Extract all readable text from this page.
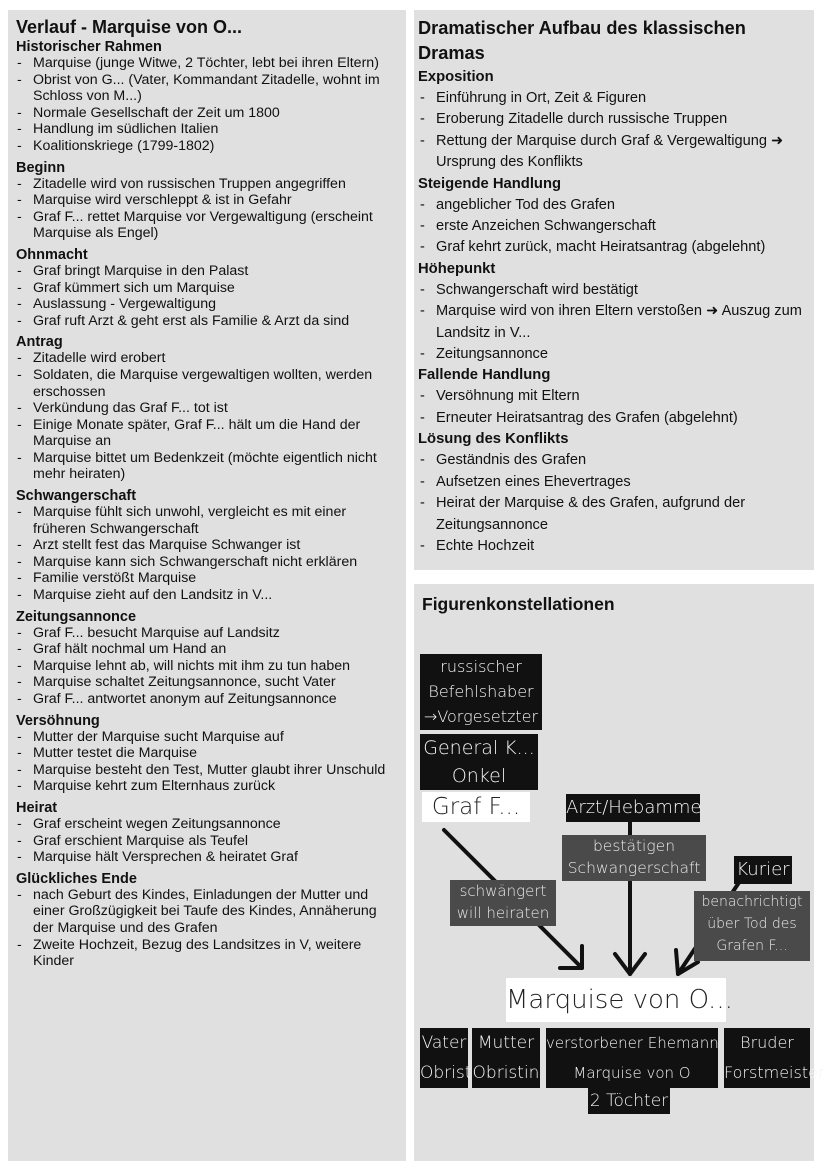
Verlauf - Marquise von O...
Historischer Rahmen
- Marquise (junge Witwe, 2 Töchter, lebt bei ihren Eltern)
- Obrist von G... (Vater, Kommandant Zitadelle, wohnt im Schloss von M...)
- Normale Gesellschaft der Zeit um 1800
- Handlung im südlichen Italien
- Koalitionskriege (1799-1802)
Beginn
- Zitadelle wird von russischen Truppen angegriffen
- Marquise wird verschleppt & ist in Gefahr
- Graf F... rettet Marquise vor Vergewaltigung (erscheint Marquise als Engel)
Ohnmacht
- Graf bringt Marquise in den Palast
- Graf kümmert sich um Marquise
- Auslassung - Vergewaltigung
- Graf ruft Arzt & geht erst als Familie & Arzt da sind
Antrag
- Zitadelle wird erobert
- Soldaten, die Marquise vergewaltigen wollten, werden erschossen
- Verkündung das Graf F... tot ist
- Einige Monate später, Graf F... hält um die Hand der Marquise an
- Marquise bittet um Bedenkzeit (möchte eigentlich nicht mehr heiraten)
Schwangerschaft
- Marquise fühlt sich unwohl, vergleicht es mit einer früheren Schwangerschaft
- Arzt stellt fest das Marquise Schwanger ist
- Marquise kann sich Schwangerschaft nicht erklären
- Familie verstößt Marquise
- Marquise zieht auf den Landsitz in V...
Zeitungsannonce
- Graf F... besucht Marquise auf Landsitz
- Graf hält nochmal um Hand an
- Marquise lehnt ab, will nichts mit ihm zu tun haben
- Marquise schaltet Zeitungsannonce, sucht Vater
- Graf F... antwortet anonym auf Zeitungsannonce
Versöhnung
- Mutter der Marquise sucht Marquise auf
- Mutter testet die Marquise
- Marquise besteht den Test, Mutter glaubt ihrer Unschuld
- Marquise kehrt zum Elternhaus zurück
Heirat
- Graf erscheint wegen Zeitungsannonce
- Graf erschient Marquise als Teufel
- Marquise hält Versprechen & heiratet Graf
Glückliches Ende
- nach Geburt des Kindes, Einladungen der Mutter und einer Großzügigkeit bei Taufe des Kindes, Annäherung der Marquise und des Grafen
- Zweite Hochzeit, Bezug des Landsitzes in V, weitere Kinder
Dramatischer Aufbau des klassischen Dramas
Exposition
- Einführung in Ort, Zeit & Figuren
- Eroberung Zitadelle durch russische Truppen
- Rettung der Marquise durch Graf & Vergewaltigung ➜ Ursprung des Konflikts
Steigende Handlung
- angeblicher Tod des Grafen
- erste Anzeichen Schwangerschaft
- Graf kehrt zurück, macht Heiratsantrag (abgelehnt)
Höhepunkt
- Schwangerschaft wird bestätigt
- Marquise wird von ihren Eltern verstoßen ➜ Auszug zum Landsitz in V...
- Zeitungsannonce
Fallende Handlung
- Versöhnung mit Eltern
- Erneuter Heiratsantrag des Grafen (abgelehnt)
Lösung des Konflikts
- Geständnis des Grafen
- Aufsetzen eines Ehevertrages
- Heirat der Marquise & des Grafen, aufgrund der Zeitungsannonce
- Echte Hochzeit
Figurenkonstellationen
russischer
Befehlshaber
→Vorgesetzter
General K...
Onkel
Graf F...	Arzt/Hebamme
bestätigen
Schwangerschaft	Kurier
schwängert
will heiraten
benachrichtigt
über Tod des
Grafen F...
Marquise von O...
Vater
Obrist
Mutter
Obristin
verstorbener Ehemann
Marquise von O
2 Töchter
Bruder
Forstmeister
